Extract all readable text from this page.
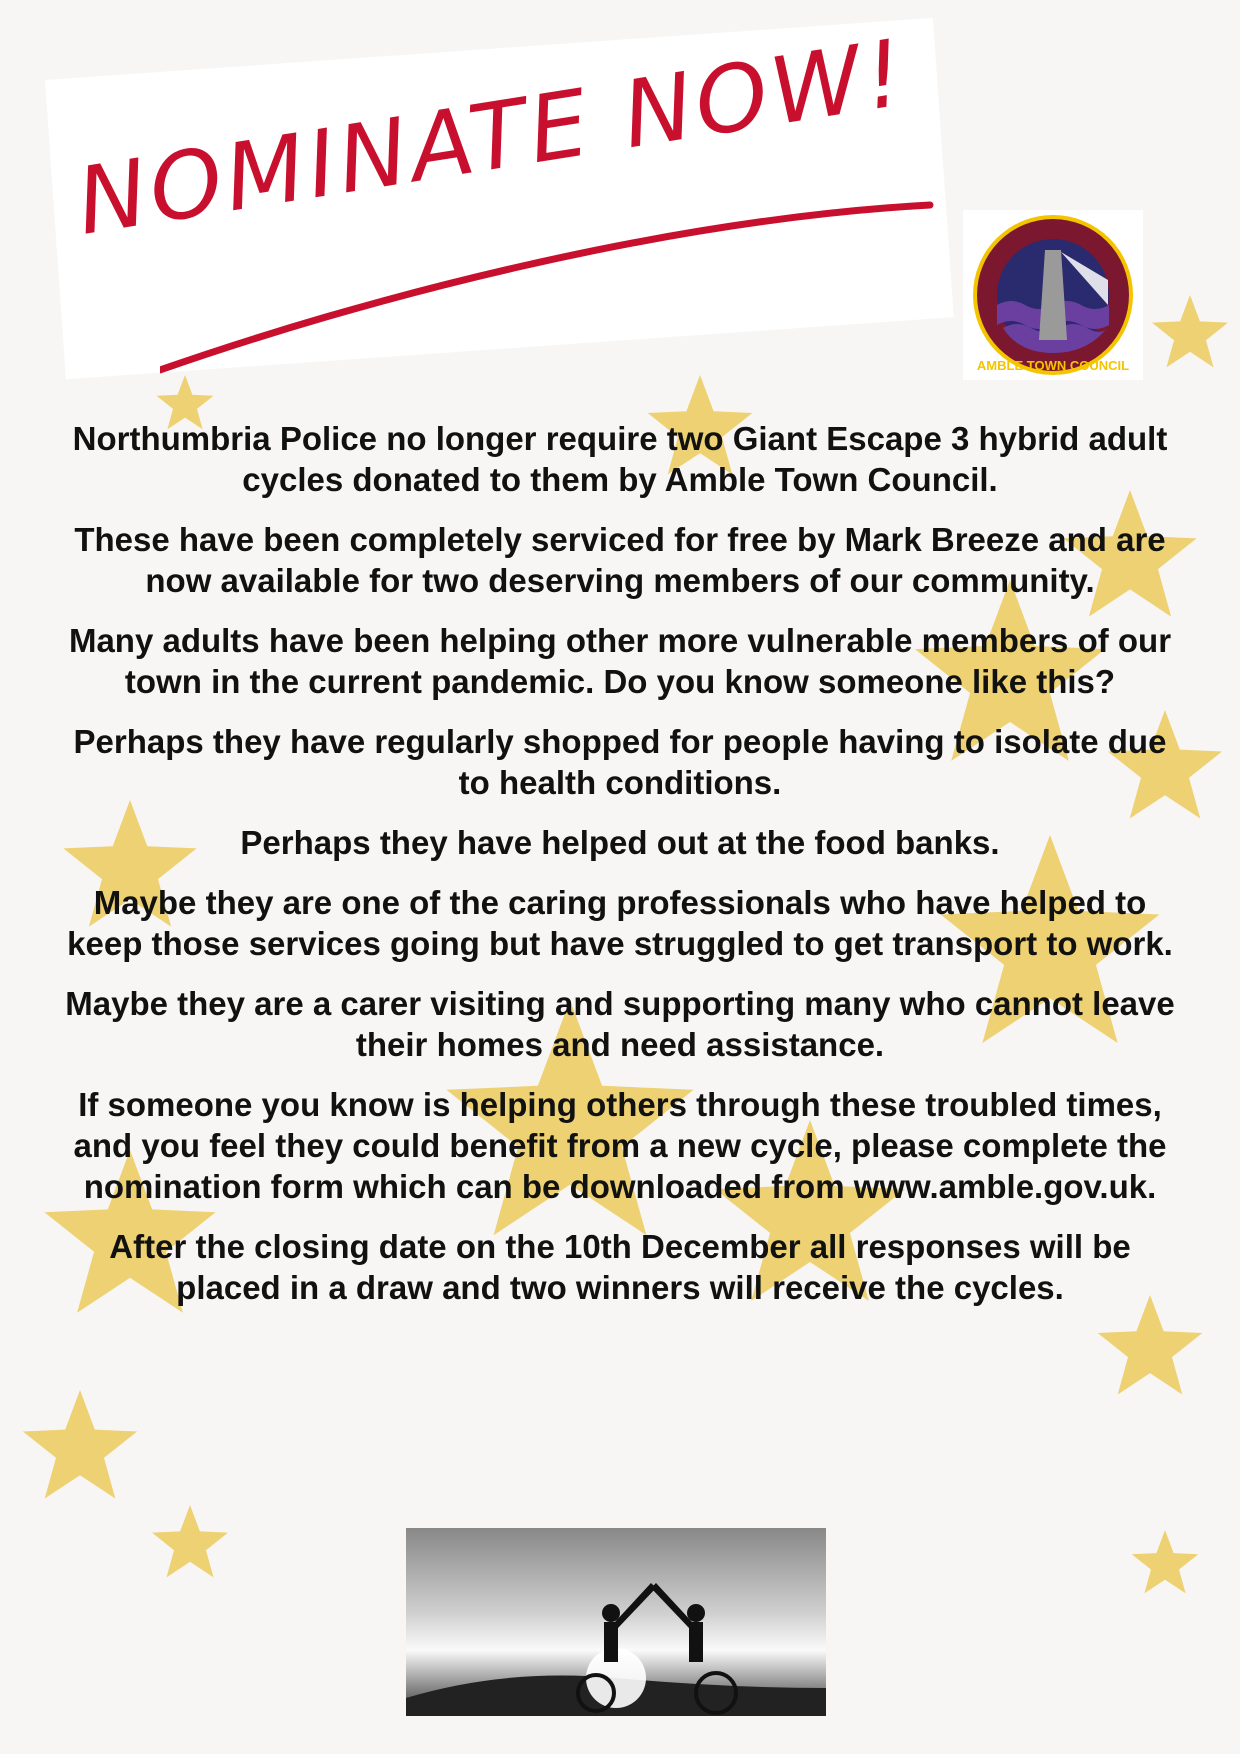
NOMINATE NOW!
AMBLE TOWN COUNCIL

Northumbria Police no longer require two Giant Escape 3 hybrid adult cycles donated to them by Amble Town Council.

These have been completely serviced for free by Mark Breeze and are now available for two deserving members of our community.

Many adults have been helping other more vulnerable members of our town in the current pandemic. Do you know someone like this?

Perhaps they have regularly shopped for people having to isolate due to health conditions.

Perhaps they have helped out at the food banks.

Maybe they are one of the caring professionals who have helped to keep those services going but have struggled to get transport to work.

Maybe they are a carer visiting and supporting many who cannot leave their homes and need assistance.

If someone you know is helping others through these troubled times, and you feel they could benefit from a new cycle, please complete the nomination form which can be downloaded from www.amble.gov.uk.

After the closing date on the 10th December all responses will be placed in a draw and two winners will receive the cycles.
